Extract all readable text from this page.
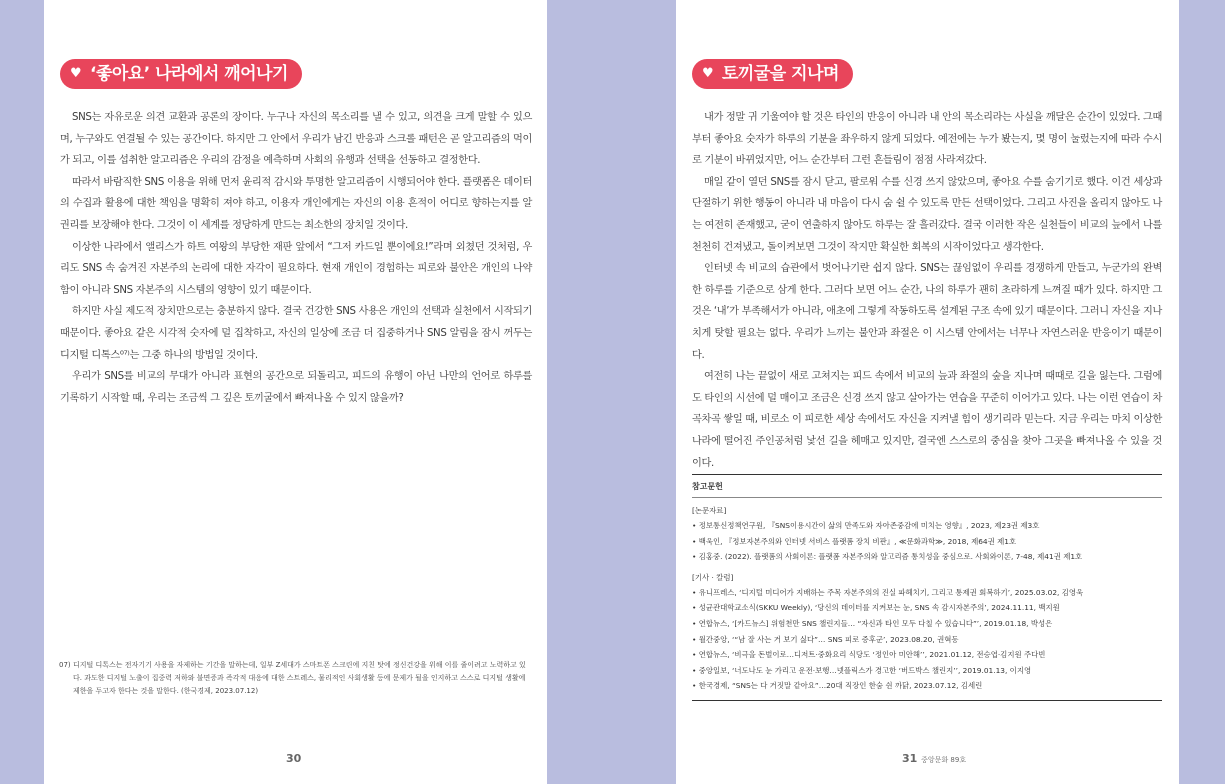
♥ ‘좋아요’ 나라에서 깨어나기

SNS는 자유로운 의견 교환과 공론의 장이다. 누구나 자신의 목소리를 낼 수 있고, 의견을 크게 말할 수 있으며, 누구와도 연결될 수 있는 공간이다. 하지만 그 안에서 우리가 남긴 반응과 스크롤 패턴은 곧 알고리즘의 먹이가 되고, 이를 섭취한 알고리즘은 우리의 감정을 예측하며 사회의 유행과 선택을 선동하고 결정한다.

따라서 바람직한 SNS 이용을 위해 먼저 윤리적 감시와 투명한 알고리즘이 시행되어야 한다. 플랫폼은 데이터의 수집과 활용에 대한 책임을 명확히 져야 하고, 이용자 개인에게는 자신의 이용 흔적이 어디로 향하는지를 알 권리를 보장해야 한다. 그것이 이 세계를 정당하게 만드는 최소한의 장치일 것이다.

이상한 나라에서 앨리스가 하트 여왕의 부당한 재판 앞에서 “그저 카드일 뿐이에요!”라며 외쳤던 것처럼, 우리도 SNS 속 숨겨진 자본주의 논리에 대한 자각이 필요하다. 현재 개인이 경험하는 피로와 불안은 개인의 나약함이 아니라 SNS 자본주의 시스템의 영향이 있기 때문이다.

하지만 사실 제도적 장치만으로는 충분하지 않다. 결국 건강한 SNS 사용은 개인의 선택과 실천에서 시작되기 때문이다. 좋아요 같은 시각적 숫자에 덜 집착하고, 자신의 일상에 조금 더 집중하거나 SNS 알림을 잠시 꺼두는 디지털 디톡스⁰⁷⁾는 그중 하나의 방법일 것이다.

우리가 SNS를 비교의 무대가 아니라 표현의 공간으로 되돌리고, 피드의 유행이 아닌 나만의 언어로 하루를 기록하기 시작할 때, 우리는 조금씩 그 깊은 토끼굴에서 빠져나올 수 있지 않을까?

07) 디지털 디톡스는 전자기기 사용을 자제하는 기간을 말하는데, 일부 Z세대가 스마트폰 스크린에 지친 탓에 정신건강을 위해 이를 줄이려고 노력하고 있다. 과도한 디지털 노출이 집중력 저하와 불면증과 즉각적 대응에 대한 스트레스, 물리적인 사회생활 등에 문제가 될을 인지하고 스스로 디지털 생활에 제한을 두고자 한다는 것을 말한다. (한국경제, 2023.07.12)
30
♥ 토끼굴을 지나며

내가 정말 귀 기울여야 할 것은 타인의 반응이 아니라 내 안의 목소리라는 사실을 깨달은 순간이 있었다. 그때부터 좋아요 숫자가 하루의 기분을 좌우하지 않게 되었다. 예전에는 누가 봤는지, 몇 명이 눌렀는지에 따라 수시로 기분이 바뀌었지만, 어느 순간부터 그런 흔들림이 점점 사라져갔다.

매일 같이 열던 SNS를 잠시 닫고, 팔로워 수를 신경 쓰지 않았으며, 좋아요 수를 숨기기로 했다. 이건 세상과 단절하기 위한 행동이 아니라 내 마음이 다시 숨 쉴 수 있도록 만든 선택이었다. 그리고 사진을 올리지 않아도 나는 여전히 존재했고, 굳이 연출하지 않아도 하루는 잘 흘러갔다. 결국 이러한 작은 실천들이 비교의 늪에서 나를 천천히 건져냈고, 돌이켜보면 그것이 작지만 확실한 회복의 시작이었다고 생각한다.

인터넷 속 비교의 습관에서 벗어나기란 쉽지 않다. SNS는 끊임없이 우리를 경쟁하게 만들고, 누군가의 완벽한 하루를 기준으로 삼게 한다. 그러다 보면 어느 순간, 나의 하루가 괜히 초라하게 느껴질 때가 있다. 하지만 그것은 ‘내’가 부족해서가 아니라, 애초에 그렇게 작동하도록 설계된 구조 속에 있기 때문이다. 그러니 자신을 지나치게 탓할 필요는 없다. 우리가 느끼는 불안과 좌절은 이 시스템 안에서는 너무나 자연스러운 반응이기 때문이다.

여전히 나는 끝없이 새로 고쳐지는 피드 속에서 비교의 늪과 좌절의 숲을 지나며 때때로 길을 잃는다. 그럼에도 타인의 시선에 덜 매이고 조금은 신경 쓰지 않고 살아가는 연습을 꾸준히 이어가고 있다. 나는 이런 연습이 차곡차곡 쌓일 때, 비로소 이 피로한 세상 속에서도 자신을 지켜낼 힘이 생기리라 믿는다. 지금 우리는 마치 이상한 나라에 떨어진 주인공처럼 낯선 길을 헤매고 있지만, 결국엔 스스로의 중심을 찾아 그곳을 빠져나올 수 있을 것이다.

참고문헌
[논문자료]
• 정보통신정책연구원, 『SNS이용시간이 삶의 만족도와 자아존중감에 미치는 영향』, 2023, 제23권 제3호
• 백욱인, 『정보자본주의와 인터넷 서비스 플랫폼 장치 비판』, ≪문화과학≫, 2018, 제64권 제1호
• 김홍중. (2022). 플랫폼의 사회이론: 플랫폼 자본주의와 알고리즘 통치성을 중심으로. 사회와이론, 7-48, 제41권 제1호
[기사 · 칼럼]
• 유니프레스, ‘디지털 미디어가 지배하는 주목 자본주의의 진실 파헤치기, 그리고 통제권 회복하기’, 2025.03.02, 김영욱
• 성균관대학교소식(SKKU Weekly), ‘당신의 데이터를 지켜보는 눈, SNS 속 감시자본주의’, 2024.11.11, 백지원
• 연합뉴스, ‘[카드뉴스] 위험천만 SNS 챌린지들… “자신과 타인 모두 다칠 수 있습니다”’, 2019.01.18, 박성은
• 월간중앙, ‘“남 잘 사는 거 보기 싫다”… SNS 피로 증후군’, 2023.08.20, 권혁동
• 연합뉴스, ‘비극을 돈벌이로…디저트·중화요리 식당도 ‘정인아 미안해’’, 2021.01.12, 전승엽·김지원 주다빈
• 중앙일보, ‘너도나도 눈 가리고 운전·보행…넷플릭스가 경고한 ‘버드박스 챌린지’’, 2019.01.13, 이지영
• 한국경제, “SNS는 다 거짓말 같아요”…20대 직장인 한숨 쉰 까닭, 2023.07.12, 김세린
31 중앙문화 89호
